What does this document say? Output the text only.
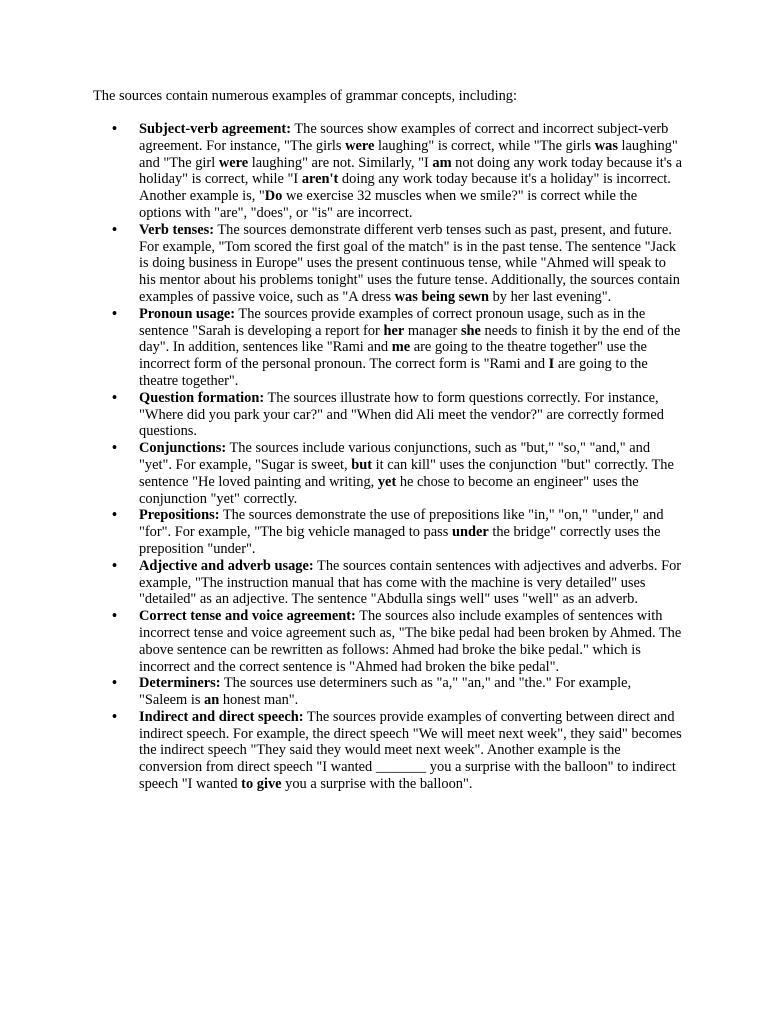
The sources contain numerous examples of grammar concepts, including:

•	Subject-verb agreement: The sources show examples of correct and incorrect subject-verb agreement. For instance, "The girls were laughing" is correct, while "The girls was laughing" and "The girl were laughing" are not. Similarly, "I am not doing any work today because it's a holiday" is correct, while "I aren't doing any work today because it's a holiday" is incorrect. Another example is, "Do we exercise 32 muscles when we smile?" is correct while the options with "are", "does", or "is" are incorrect.
•	Verb tenses: The sources demonstrate different verb tenses such as past, present, and future. For example, "Tom scored the first goal of the match" is in the past tense. The sentence "Jack is doing business in Europe" uses the present continuous tense, while "Ahmed will speak to his mentor about his problems tonight" uses the future tense. Additionally, the sources contain examples of passive voice, such as "A dress was being sewn by her last evening".
•	Pronoun usage: The sources provide examples of correct pronoun usage, such as in the sentence "Sarah is developing a report for her manager she needs to finish it by the end of the day". In addition, sentences like "Rami and me are going to the theatre together" use the incorrect form of the personal pronoun. The correct form is "Rami and I are going to the theatre together".
•	Question formation: The sources illustrate how to form questions correctly. For instance, "Where did you park your car?" and "When did Ali meet the vendor?" are correctly formed questions.
•	Conjunctions: The sources include various conjunctions, such as "but," "so," "and," and "yet". For example, "Sugar is sweet, but it can kill" uses the conjunction "but" correctly. The sentence "He loved painting and writing, yet he chose to become an engineer" uses the conjunction "yet" correctly.
•	Prepositions: The sources demonstrate the use of prepositions like "in," "on," "under," and "for". For example, "The big vehicle managed to pass under the bridge" correctly uses the preposition "under".
•	Adjective and adverb usage: The sources contain sentences with adjectives and adverbs. For example, "The instruction manual that has come with the machine is very detailed" uses "detailed" as an adjective. The sentence "Abdulla sings well" uses "well" as an adverb.
•	Correct tense and voice agreement: The sources also include examples of sentences with incorrect tense and voice agreement such as, "The bike pedal had been broken by Ahmed. The above sentence can be rewritten as follows: Ahmed had broke the bike pedal." which is incorrect and the correct sentence is "Ahmed had broken the bike pedal".
•	Determiners: The sources use determiners such as "a," "an," and "the." For example, "Saleem is an honest man".
•	Indirect and direct speech: The sources provide examples of converting between direct and indirect speech. For example, the direct speech "We will meet next week", they said" becomes the indirect speech "They said they would meet next week". Another example is the conversion from direct speech "I wanted _______ you a surprise with the balloon" to indirect speech "I wanted to give you a surprise with the balloon".
